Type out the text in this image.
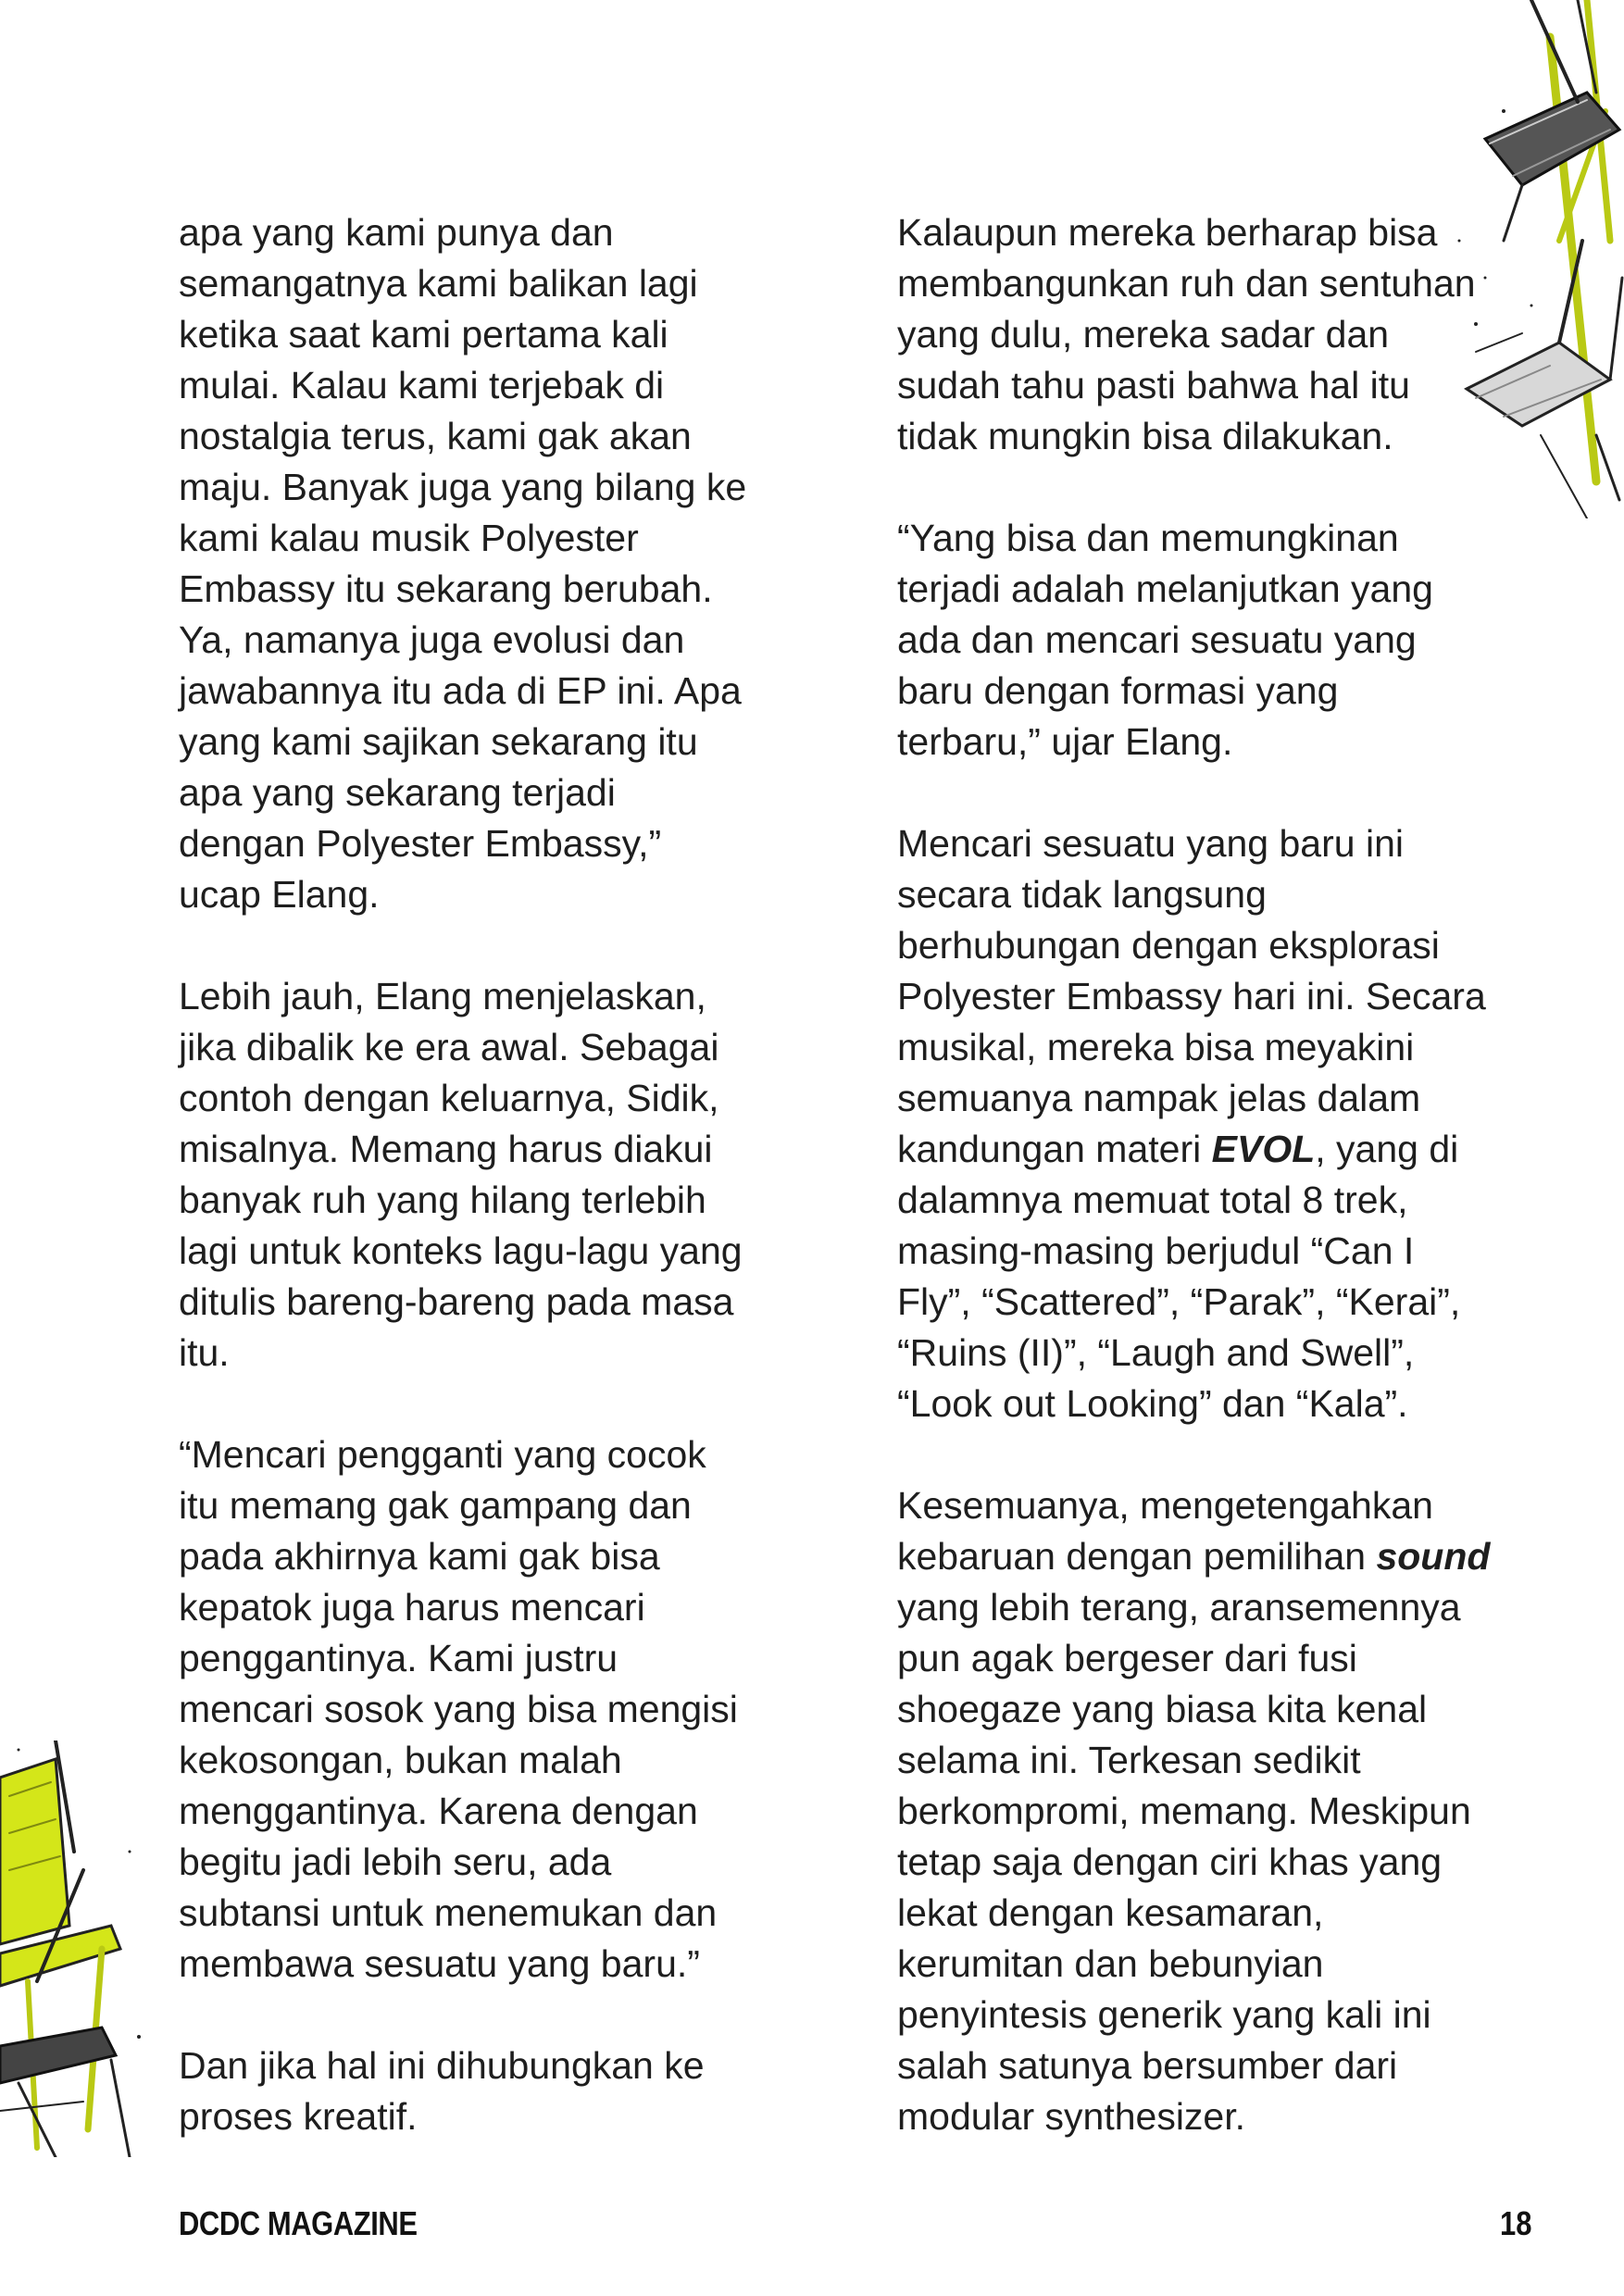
apa yang kami punya dan
semangatnya kami balikan lagi
ketika saat kami pertama kali
mulai. Kalau kami terjebak di
nostalgia terus, kami gak akan
maju. Banyak juga yang bilang ke
kami kalau musik Polyester
Embassy itu sekarang berubah.
Ya, namanya juga evolusi dan
jawabannya itu ada di EP ini. Apa
yang kami sajikan sekarang itu
apa yang sekarang terjadi
dengan Polyester Embassy,”
ucap Elang.

Lebih jauh, Elang menjelaskan,
jika dibalik ke era awal. Sebagai
contoh dengan keluarnya, Sidik,
misalnya. Memang harus diakui
banyak ruh yang hilang terlebih
lagi untuk konteks lagu-lagu yang
ditulis bareng-bareng pada masa
itu.

“Mencari pengganti yang cocok
itu memang gak gampang dan
pada akhirnya kami gak bisa
kepatok juga harus mencari
penggantinya. Kami justru
mencari sosok yang bisa mengisi
kekosongan, bukan malah
menggantinya. Karena dengan
begitu jadi lebih seru, ada
subtansi untuk menemukan dan
membawa sesuatu yang baru.”

Dan jika hal ini dihubungkan ke
proses kreatif.

Kalaupun mereka berharap bisa
membangunkan ruh dan sentuhan
yang dulu, mereka sadar dan
sudah tahu pasti bahwa hal itu
tidak mungkin bisa dilakukan.

“Yang bisa dan memungkinan
terjadi adalah melanjutkan yang
ada dan mencari sesuatu yang
baru dengan formasi yang
terbaru,” ujar Elang.

Mencari sesuatu yang baru ini
secara tidak langsung
berhubungan dengan eksplorasi
Polyester Embassy hari ini. Secara
musikal, mereka bisa meyakini
semuanya nampak jelas dalam
kandungan materi EVOL, yang di
dalamnya memuat total 8 trek,
masing-masing berjudul “Can I
Fly”, “Scattered”, “Parak”, “Kerai”,
“Ruins (II)”, “Laugh and Swell”,
“Look out Looking” dan “Kala”.

Kesemuanya, mengetengahkan
kebaruan dengan pemilihan sound
yang lebih terang, aransemennya
pun agak bergeser dari fusi
shoegaze yang biasa kita kenal
selama ini. Terkesan sedikit
berkompromi, memang. Meskipun
tetap saja dengan ciri khas yang
lekat dengan kesamaran,
kerumitan dan bebunyian
penyintesis generik yang kali ini
salah satunya bersumber dari
modular synthesizer.

DCDC MAGAZINE	18
